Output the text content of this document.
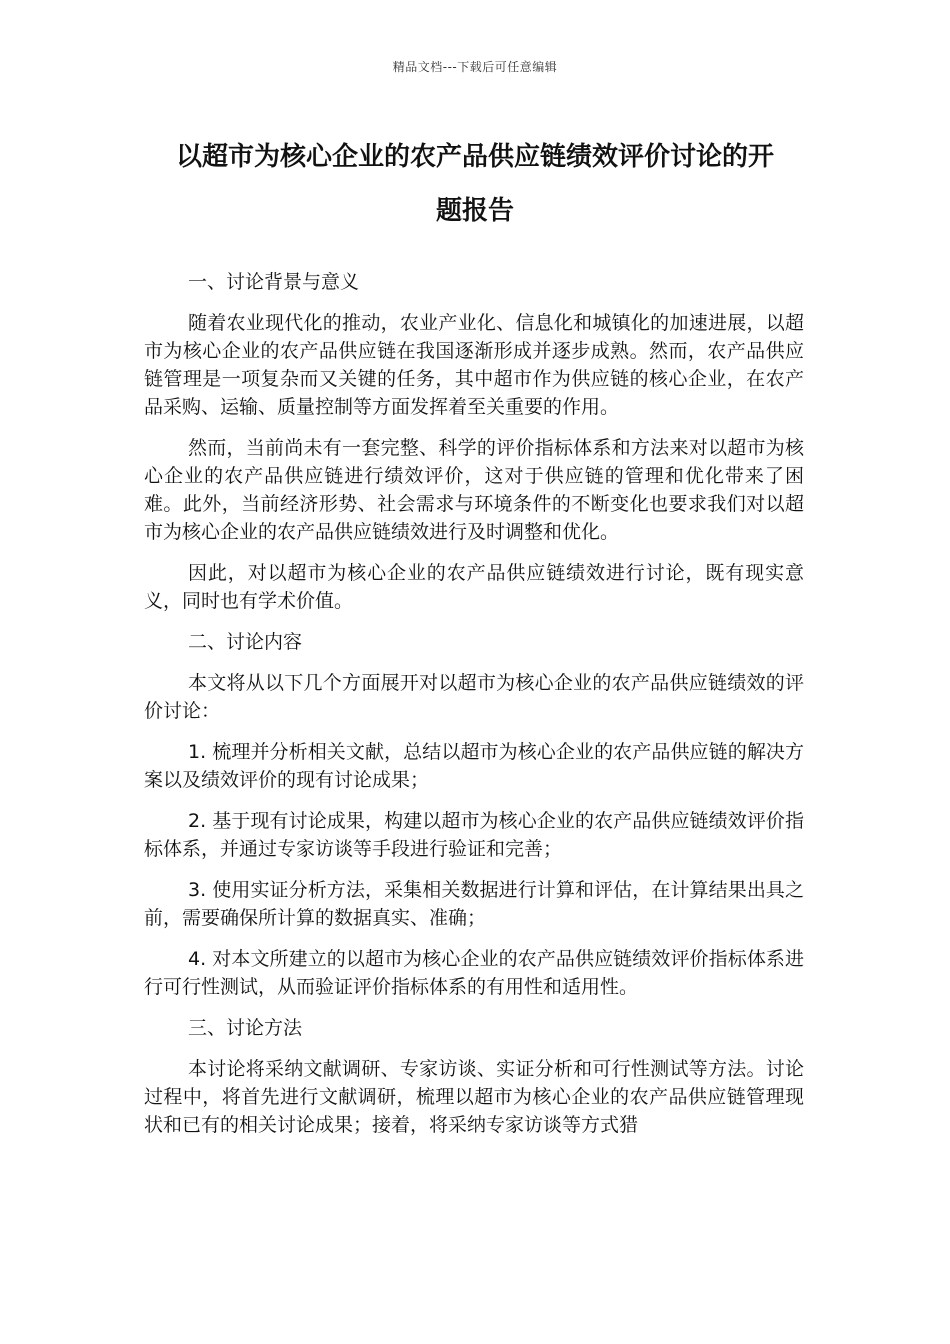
精品文档---下载后可任意编辑
以超市为核心企业的农产品供应链绩效评价讨论的开
题报告

一、讨论背景与意义

随着农业现代化的推动，农业产业化、信息化和城镇化的加速进展，以超市为核心企业的农产品供应链在我国逐渐形成并逐步成熟。然而，农产品供应链管理是一项复杂而又关键的任务，其中超市作为供应链的核心企业，在农产品采购、运输、质量控制等方面发挥着至关重要的作用。

然而，当前尚未有一套完整、科学的评价指标体系和方法来对以超市为核心企业的农产品供应链进行绩效评价，这对于供应链的管理和优化带来了困难。此外，当前经济形势、社会需求与环境条件的不断变化也要求我们对以超市为核心企业的农产品供应链绩效进行及时调整和优化。

因此，对以超市为核心企业的农产品供应链绩效进行讨论，既有现实意义，同时也有学术价值。

二、讨论内容

本文将从以下几个方面展开对以超市为核心企业的农产品供应链绩效的评价讨论：

1. 梳理并分析相关文献，总结以超市为核心企业的农产品供应链的解决方案以及绩效评价的现有讨论成果；

2. 基于现有讨论成果，构建以超市为核心企业的农产品供应链绩效评价指标体系，并通过专家访谈等手段进行验证和完善；

3. 使用实证分析方法，采集相关数据进行计算和评估，在计算结果出具之前，需要确保所计算的数据真实、准确；

4. 对本文所建立的以超市为核心企业的农产品供应链绩效评价指标体系进行可行性测试，从而验证评价指标体系的有用性和适用性。

三、讨论方法

本讨论将采纳文献调研、专家访谈、实证分析和可行性测试等方法。讨论过程中，将首先进行文献调研，梳理以超市为核心企业的农产品供应链管理现状和已有的相关讨论成果；接着，将采纳专家访谈等方式猎
